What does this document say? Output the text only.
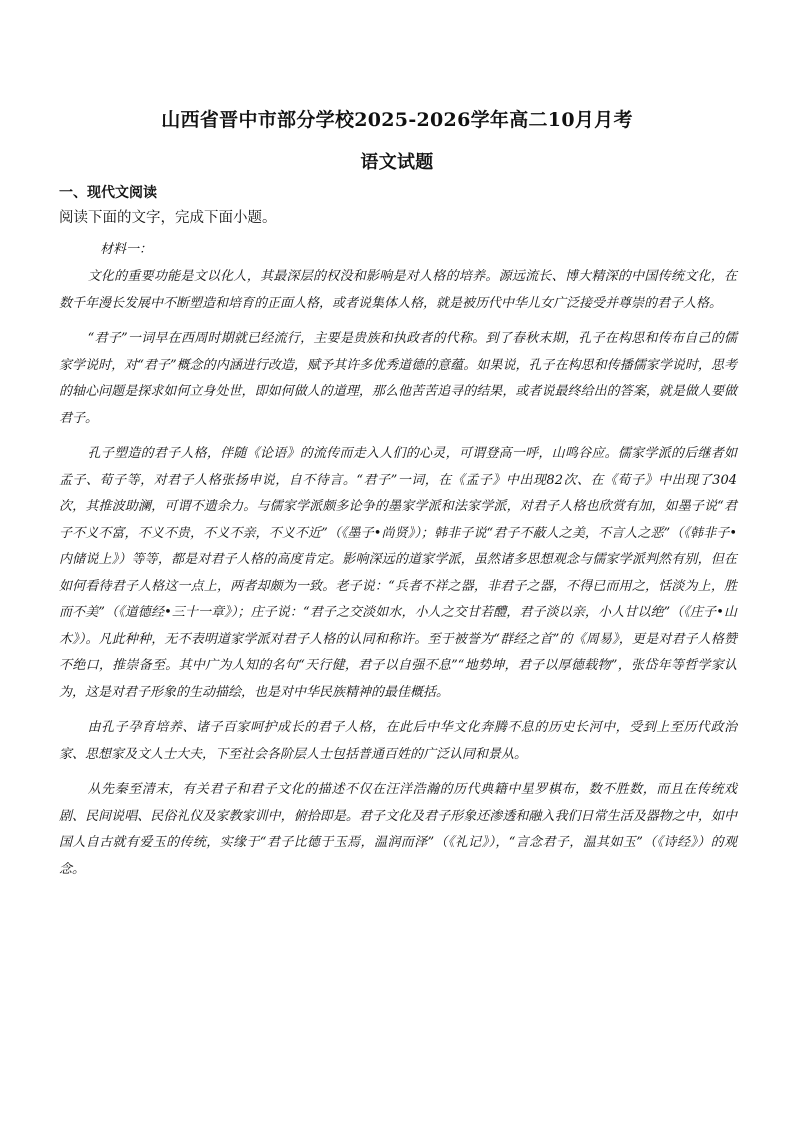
山西省晋中市部分学校2025-2026学年高二10月月考
语文试题
一、现代文阅读
阅读下面的文字，完成下面小题。
材料一：

文化的重要功能是文以化人，其最深层的权没和影响是对人格的培养。源远流长、博大精深的中国传统文化，在数千年漫长发展中不断塑造和培育的正面人格，或者说集体人格，就是被历代中华儿女广泛接受并尊崇的君子人格。

“君子”一词早在西周时期就已经流行，主要是贵族和执政者的代称。到了春秋末期，孔子在构思和传布自己的儒家学说时，对“君子”概念的内涵进行改造，赋予其许多优秀道德的意蕴。如果说，孔子在构思和传播儒家学说时，思考的轴心问题是探求如何立身处世，即如何做人的道理，那么他苦苦追寻的结果，或者说最终给出的答案，就是做人要做君子。

孔子塑造的君子人格，伴随《论语》的流传而走入人们的心灵，可谓登高一呼，山鸣谷应。儒家学派的后继者如孟子、荀子等，对君子人格张扬申说，自不待言。“君子”一词，在《孟子》中出现82次、在《荀子》中出现了304次，其推波助澜，可谓不遗余力。与儒家学派颇多论争的墨家学派和法家学派，对君子人格也欣赏有加，如墨子说“君子不义不富，不义不贵，不义不亲，不义不近”（《墨子•尚贤》）；韩非子说“君子不蔽人之美，不言人之恶”（《韩非子•内储说上》）等等，都是对君子人格的高度肯定。影响深远的道家学派，虽然诸多思想观念与儒家学派判然有别，但在如何看待君子人格这一点上，两者却颇为一致。老子说：“兵者不祥之器，非君子之器，不得已而用之，恬淡为上，胜而不美”（《道德经•三十一章》）；庄子说：“君子之交淡如水，小人之交甘若醴，君子淡以亲，小人甘以绝”（《庄子•山木》）。凡此种种，无不表明道家学派对君子人格的认同和称许。至于被誉为“群经之首”的《周易》，更是对君子人格赞不绝口，推崇备至。其中广为人知的名句“天行健，君子以自强不息”“地势坤，君子以厚德载物”，张岱年等哲学家认为，这是对君子形象的生动描绘，也是对中华民族精神的最佳概括。

由孔子孕育培养、诸子百家呵护成长的君子人格，在此后中华文化奔腾不息的历史长河中，受到上至历代政治家、思想家及文人士大夫，下至社会各阶层人士包括普通百姓的广泛认同和景从。

从先秦至清末，有关君子和君子文化的描述不仅在汪洋浩瀚的历代典籍中星罗棋布，数不胜数，而且在传统戏剧、民间说唱、民俗礼仪及家教家训中，俯拾即是。君子文化及君子形象还渗透和融入我们日常生活及器物之中，如中国人自古就有爱玉的传统，实缘于“君子比德于玉焉，温润而泽”（《礼记》），“言念君子，温其如玉”（《诗经》）的观念。
